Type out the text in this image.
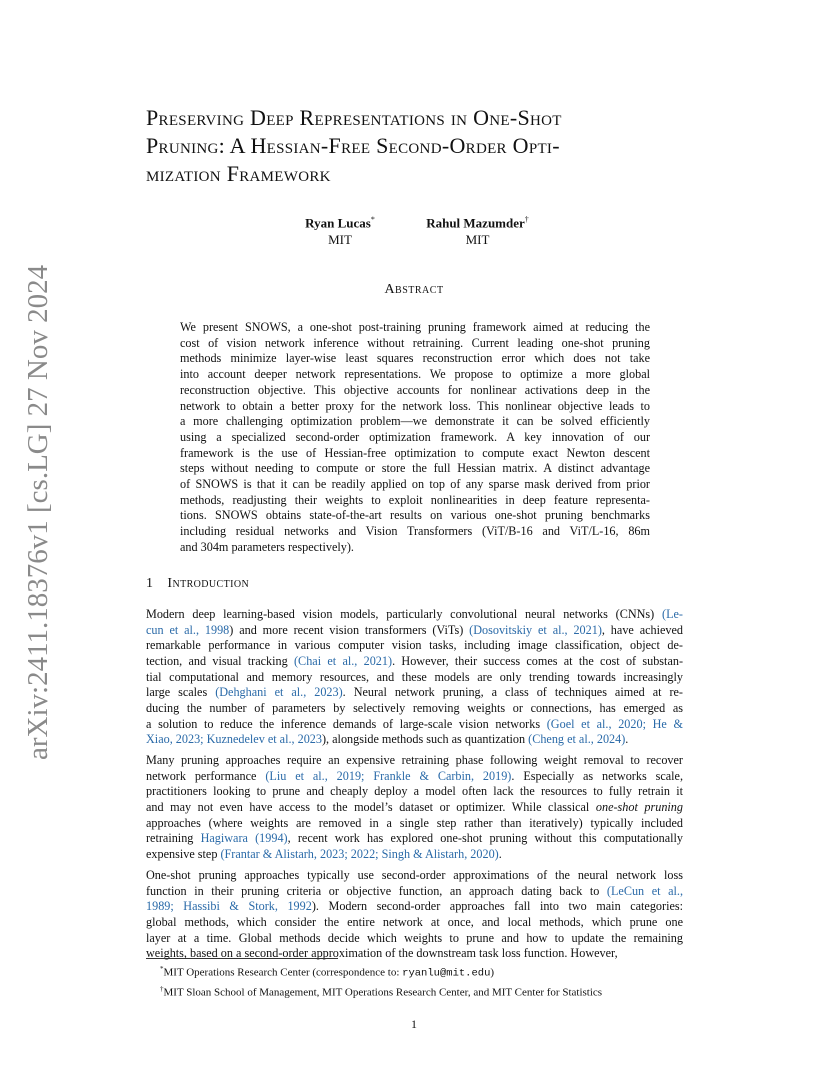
arXiv:2411.18376v1 [cs.LG] 27 Nov 2024
Preserving Deep Representations in One-Shot
Pruning: A Hessian-Free Second-Order Opti-
mization Framework
Ryan Lucas*
MIT
Rahul Mazumder†
MIT
Abstract
We present SNOWS, a one-shot post-training pruning framework aimed at reducing the
cost of vision network inference without retraining. Current leading one-shot pruning
methods minimize layer-wise least squares reconstruction error which does not take
into account deeper network representations. We propose to optimize a more global
reconstruction objective. This objective accounts for nonlinear activations deep in the
network to obtain a better proxy for the network loss. This nonlinear objective leads to
a more challenging optimization problem—we demonstrate it can be solved efficiently
using a specialized second-order optimization framework. A key innovation of our
framework is the use of Hessian-free optimization to compute exact Newton descent
steps without needing to compute or store the full Hessian matrix. A distinct advantage
of SNOWS is that it can be readily applied on top of any sparse mask derived from prior
methods, readjusting their weights to exploit nonlinearities in deep feature representa-
tions. SNOWS obtains state-of-the-art results on various one-shot pruning benchmarks
including residual networks and Vision Transformers (ViT/B-16 and ViT/L-16, 86m
and 304m parameters respectively).
1 Introduction
Modern deep learning-based vision models, particularly convolutional neural networks (CNNs) (Le-
cun et al., 1998) and more recent vision transformers (ViTs) (Dosovitskiy et al., 2021), have achieved
remarkable performance in various computer vision tasks, including image classification, object de-
tection, and visual tracking (Chai et al., 2021). However, their success comes at the cost of substan-
tial computational and memory resources, and these models are only trending towards increasingly
large scales (Dehghani et al., 2023). Neural network pruning, a class of techniques aimed at re-
ducing the number of parameters by selectively removing weights or connections, has emerged as
a solution to reduce the inference demands of large-scale vision networks (Goel et al., 2020; He &
Xiao, 2023; Kuznedelev et al., 2023), alongside methods such as quantization (Cheng et al., 2024).
Many pruning approaches require an expensive retraining phase following weight removal to recover
network performance (Liu et al., 2019; Frankle & Carbin, 2019). Especially as networks scale,
practitioners looking to prune and cheaply deploy a model often lack the resources to fully retrain it
and may not even have access to the model’s dataset or optimizer. While classical one-shot pruning
approaches (where weights are removed in a single step rather than iteratively) typically included
retraining Hagiwara (1994), recent work has explored one-shot pruning without this computationally
expensive step (Frantar & Alistarh, 2023; 2022; Singh & Alistarh, 2020).
One-shot pruning approaches typically use second-order approximations of the neural network loss
function in their pruning criteria or objective function, an approach dating back to (LeCun et al.,
1989; Hassibi & Stork, 1992). Modern second-order approaches fall into two main categories:
global methods, which consider the entire network at once, and local methods, which prune one
layer at a time. Global methods decide which weights to prune and how to update the remaining
weights, based on a second-order approximation of the downstream task loss function. However,
*MIT Operations Research Center (correspondence to: ryanlu@mit.edu)
†MIT Sloan School of Management, MIT Operations Research Center, and MIT Center for Statistics
1
